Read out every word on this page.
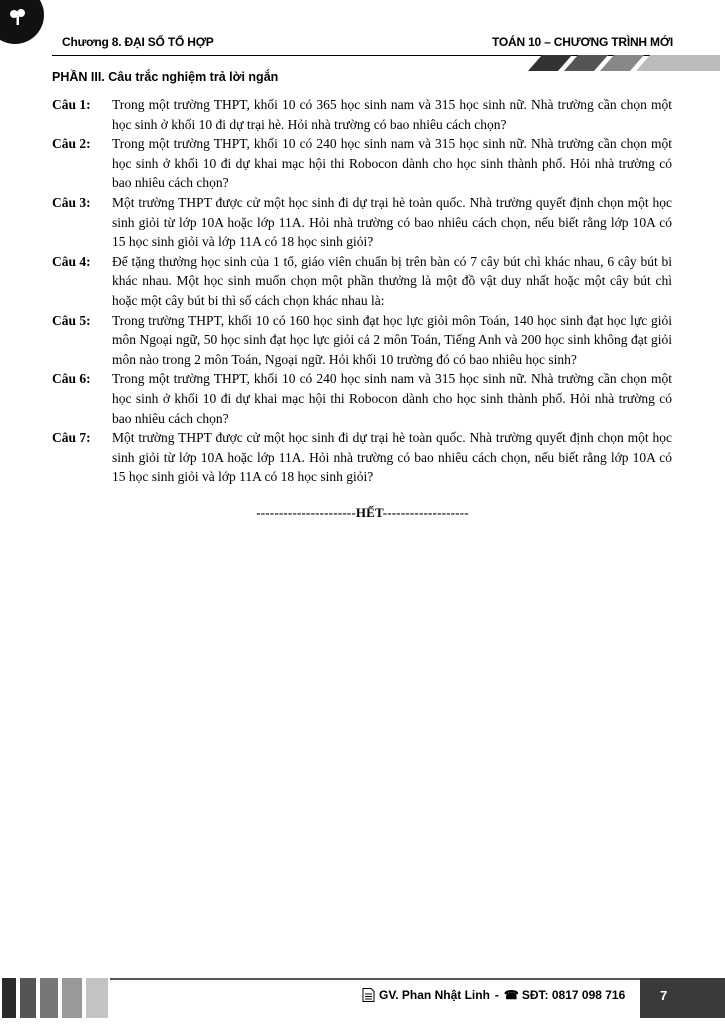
Chương 8. ĐẠI SỐ TỔ HỢP	TOÁN 10 – CHƯƠNG TRÌNH MỚI
PHẦN III. Câu trắc nghiệm trả lời ngắn
Câu 1:	Trong một trường THPT, khối 10 có 365 học sinh nam và 315 học sinh nữ. Nhà trường cần chọn một học sinh ở khối 10 đi dự trại hè. Hỏi nhà trường có bao nhiêu cách chọn?
Câu 2:	Trong một trường THPT, khối 10 có 240 học sinh nam và 315 học sinh nữ. Nhà trường cần chọn một học sinh ở khối 10 đi dự khai mạc hội thi Robocon dành cho học sinh thành phố. Hỏi nhà trường có bao nhiêu cách chọn?
Câu 3:	Một trường THPT được cử một học sinh đi dự trại hè toàn quốc. Nhà trường quyết định chọn một học sinh giỏi từ lớp 10A hoặc lớp 11A. Hỏi nhà trường có bao nhiêu cách chọn, nếu biết rằng lớp 10A có 15 học sinh giỏi và lớp 11A có 18 học sinh giỏi?
Câu 4:	Để tặng thưởng học sinh của 1 tổ, giáo viên chuẩn bị trên bàn có 7 cây bút chì khác nhau, 6 cây bút bi khác nhau. Một học sinh muốn chọn một phần thưởng là một đồ vật duy nhất hoặc một cây bút chì hoặc một cây bút bi thì số cách chọn khác nhau là:
Câu 5:	Trong trường THPT, khối 10 có 160 học sinh đạt học lực giỏi môn Toán, 140 học sinh đạt học lực giỏi môn Ngoại ngữ, 50 học sinh đạt học lực giỏi cả 2 môn Toán, Tiếng Anh và 200 học sinh không đạt giỏi môn nào trong 2 môn Toán, Ngoại ngữ. Hỏi khối 10 trường đó có bao nhiêu học sinh?
Câu 6:	Trong một trường THPT, khối 10 có 240 học sinh nam và 315 học sinh nữ. Nhà trường cần chọn một học sinh ở khối 10 đi dự khai mạc hội thi Robocon dành cho học sinh thành phố. Hỏi nhà trường có bao nhiêu cách chọn?
Câu 7:	Một trường THPT được cử một học sinh đi dự trại hè toàn quốc. Nhà trường quyết định chọn một học sinh giỏi từ lớp 10A hoặc lớp 11A. Hỏi nhà trường có bao nhiêu cách chọn, nếu biết rằng lớp 10A có 15 học sinh giỏi và lớp 11A có 18 học sinh giỏi?
----------------------HẾT-------------------
GV. Phan Nhật Linh - ☎ SĐT: 0817 098 716	7
